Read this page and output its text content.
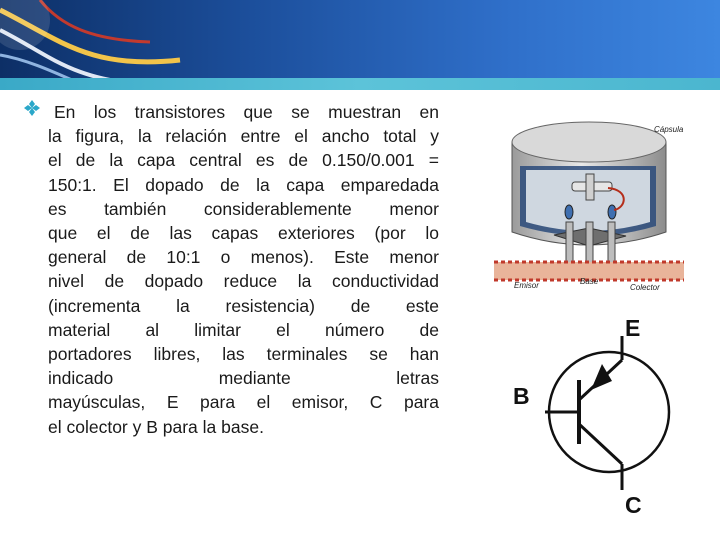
En los transistores que se muestran en
la figura, la relación entre el ancho total y
el de la capa central es de 0.150/0.001 =
150:1. El dopado de la capa emparedada
es también considerablemente menor
que el de las capas exteriores (por lo
general de 10:1 o menos). Este menor
nivel de dopado reduce la conductividad
(incrementa la resistencia) de este
material al limitar el número de
portadores libres, las terminales se han
indicado mediante letras
mayúsculas, E para el emisor, C para
el colector y B para la base.

Cápsula
Emisor	Base
Colector
E
B
C
